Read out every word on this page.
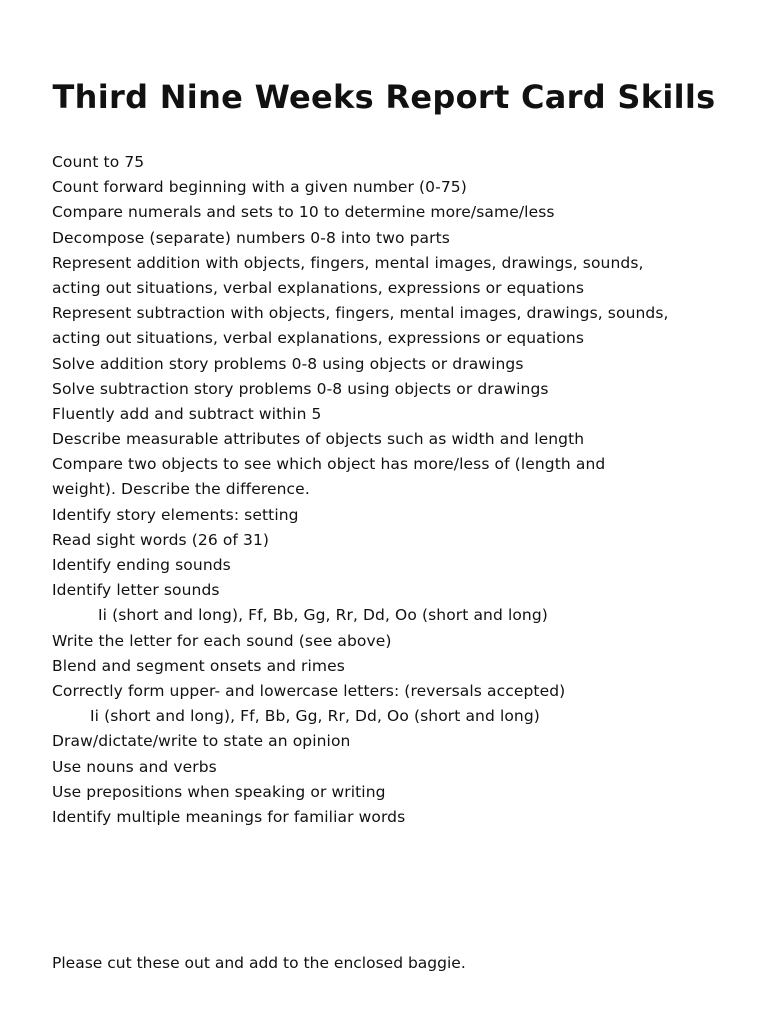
Third Nine Weeks Report Card Skills
Count to 75
Count forward beginning with a given number (0-75)
Compare numerals and sets to 10 to determine more/same/less
Decompose (separate) numbers 0-8 into two parts
Represent addition with objects, fingers, mental images, drawings, sounds,
acting out situations, verbal explanations, expressions or equations
Represent subtraction with objects, fingers, mental images, drawings, sounds,
acting out situations, verbal explanations, expressions or equations
Solve addition story problems 0-8 using objects or drawings
Solve subtraction story problems 0-8 using objects or drawings
Fluently add and subtract within 5
Describe measurable attributes of objects such as width and length
Compare two objects to see which object has more/less of (length and
weight). Describe the difference.
Identify story elements: setting
Read sight words (26 of 31)
Identify ending sounds
Identify letter sounds
Ii (short and long), Ff, Bb, Gg, Rr, Dd, Oo (short and long)
Write the letter for each sound (see above)
Blend and segment onsets and rimes
Correctly form upper- and lowercase letters: (reversals accepted)
Ii (short and long), Ff, Bb, Gg, Rr, Dd, Oo (short and long)
Draw/dictate/write to state an opinion
Use nouns and verbs
Use prepositions when speaking or writing
Identify multiple meanings for familiar words
Please cut these out and add to the enclosed baggie.
